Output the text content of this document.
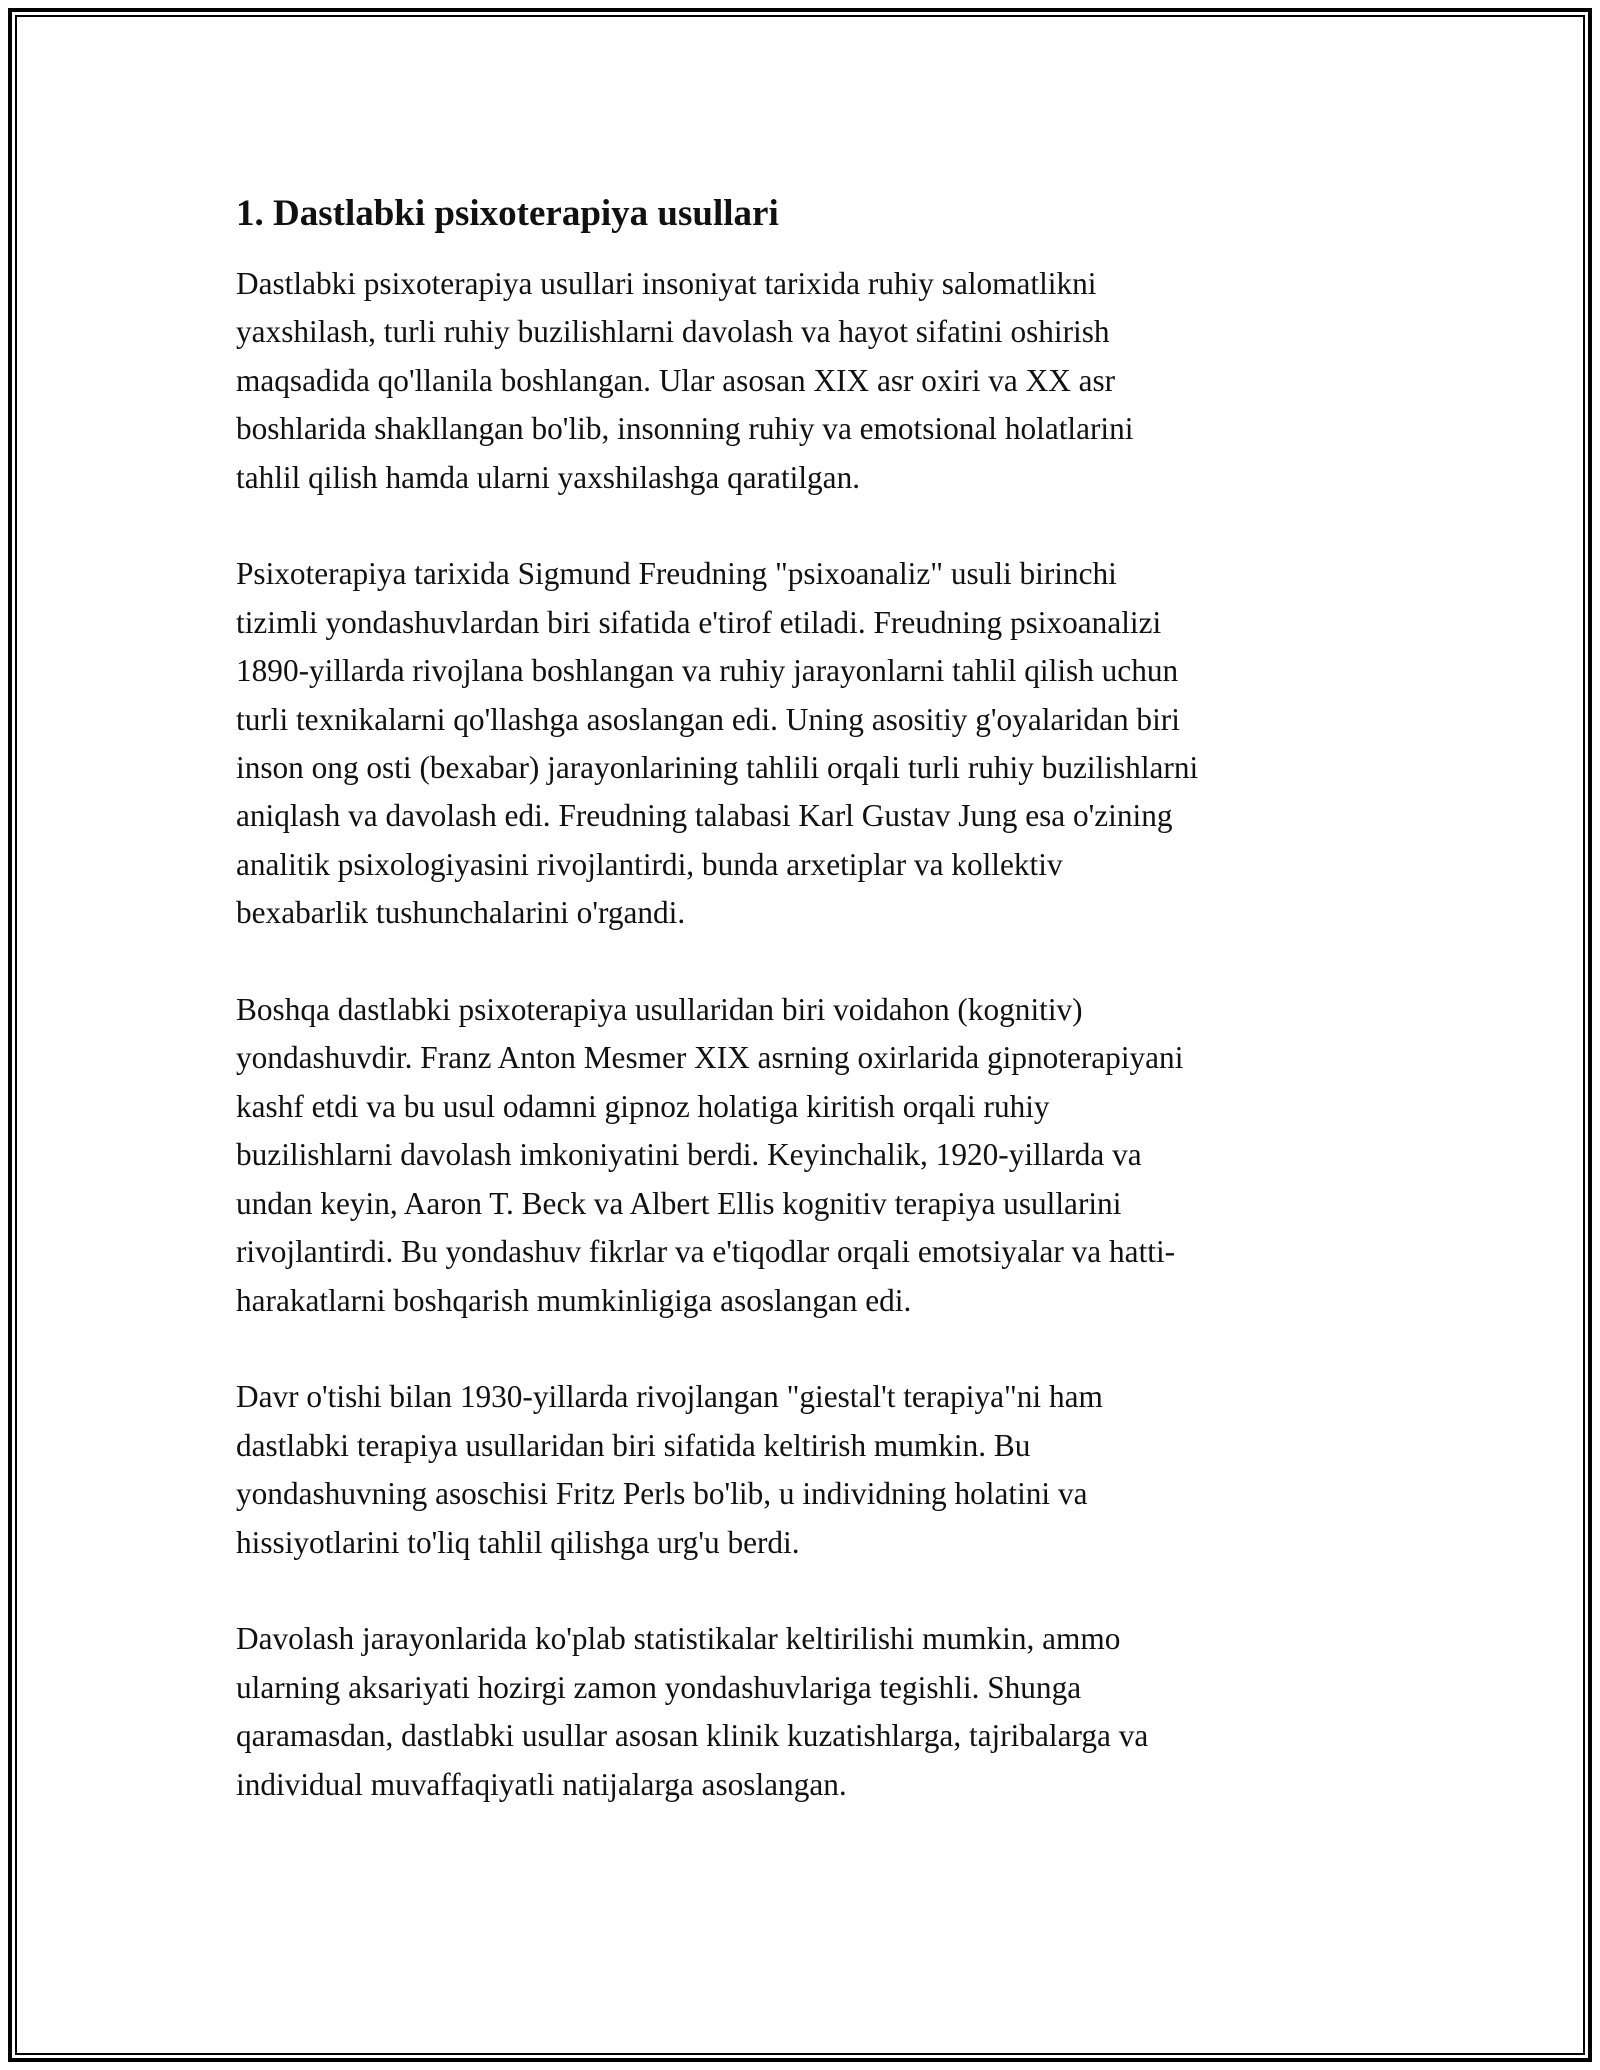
1. Dastlabki psixoterapiya usullari
Dastlabki psixoterapiya usullari insoniyat tarixida ruhiy salomatlikni
yaxshilash, turli ruhiy buzilishlarni davolash va hayot sifatini oshirish
maqsadida qo'llanila boshlangan. Ular asosan XIX asr oxiri va XX asr
boshlarida shakllangan bo'lib, insonning ruhiy va emotsional holatlarini
tahlil qilish hamda ularni yaxshilashga qaratilgan.
Psixoterapiya tarixida Sigmund Freudning "psixoanaliz" usuli birinchi
tizimli yondashuvlardan biri sifatida e'tirof etiladi. Freudning psixoanalizi
1890-yillarda rivojlana boshlangan va ruhiy jarayonlarni tahlil qilish uchun
turli texnikalarni qo'llashga asoslangan edi. Uning asositiy g'oyalaridan biri
inson ong osti (bexabar) jarayonlarining tahlili orqali turli ruhiy buzilishlarni
aniqlash va davolash edi. Freudning talabasi Karl Gustav Jung esa o'zining
analitik psixologiyasini rivojlantirdi, bunda arxetiplar va kollektiv
bexabarlik tushunchalarini o'rgandi.
Boshqa dastlabki psixoterapiya usullaridan biri voidahon (kognitiv)
yondashuvdir. Franz Anton Mesmer XIX asrning oxirlarida gipnoterapiyani
kashf etdi va bu usul odamni gipnoz holatiga kiritish orqali ruhiy
buzilishlarni davolash imkoniyatini berdi. Keyinchalik, 1920-yillarda va
undan keyin, Aaron T. Beck va Albert Ellis kognitiv terapiya usullarini
rivojlantirdi. Bu yondashuv fikrlar va e'tiqodlar orqali emotsiyalar va hatti-
harakatlarni boshqarish mumkinligiga asoslangan edi.
Davr o'tishi bilan 1930-yillarda rivojlangan "giestal't terapiya"ni ham
dastlabki terapiya usullaridan biri sifatida keltirish mumkin. Bu
yondashuvning asoschisi Fritz Perls bo'lib, u individning holatini va
hissiyotlarini to'liq tahlil qilishga urg'u berdi.
Davolash jarayonlarida ko'plab statistikalar keltirilishi mumkin, ammo
ularning aksariyati hozirgi zamon yondashuvlariga tegishli. Shunga
qaramasdan, dastlabki usullar asosan klinik kuzatishlarga, tajribalarga va
individual muvaffaqiyatli natijalarga asoslangan.
